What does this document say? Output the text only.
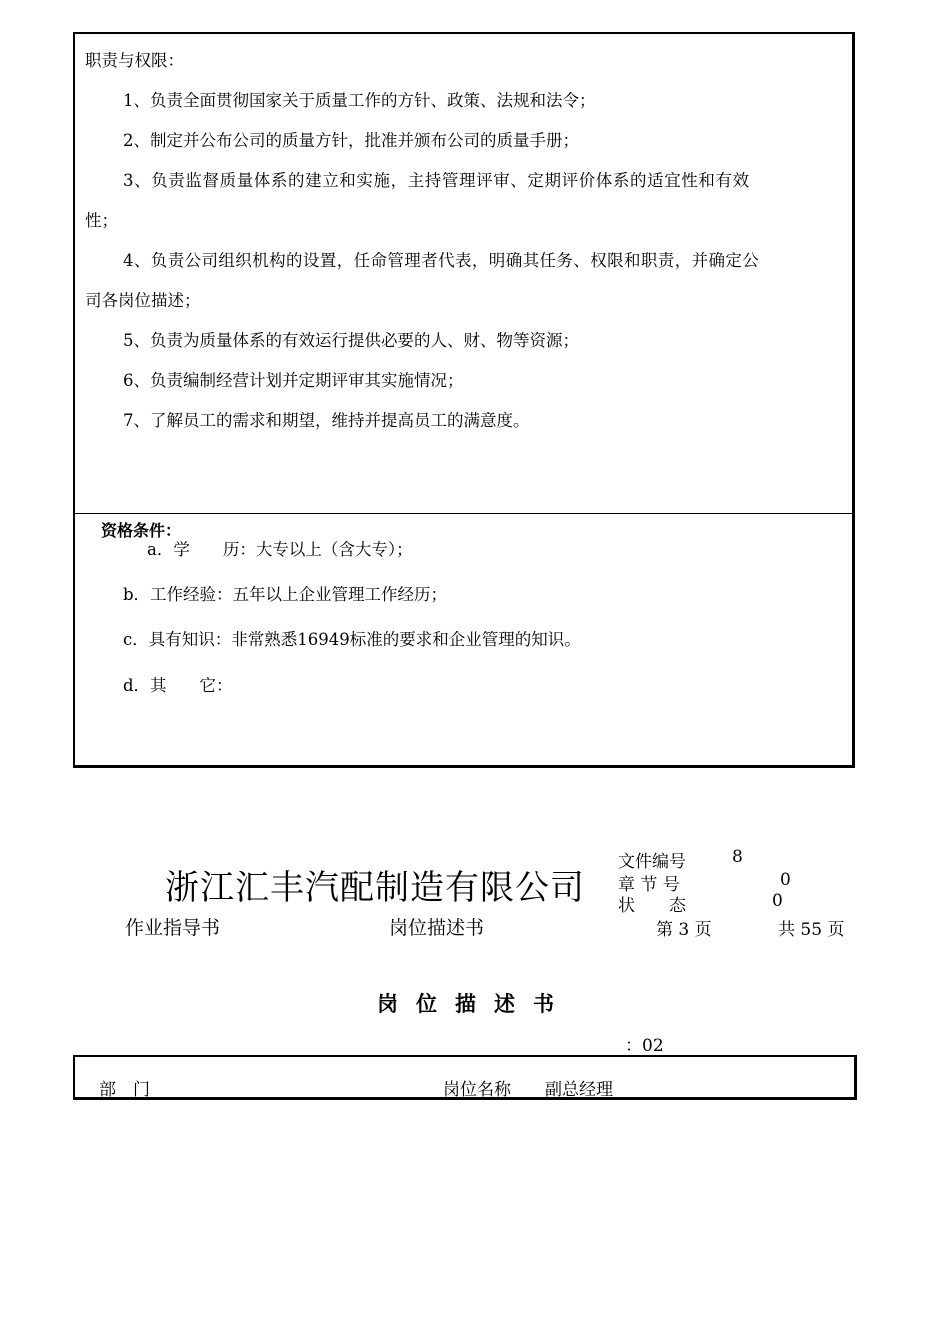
职责与权限：
1、负责全面贯彻国家关于质量工作的方针、政策、法规和法令；
2、制定并公布公司的质量方针，批准并颁布公司的质量手册；
3、负责监督质量体系的建立和实施，主持管理评审、定期评价体系的适宜性和有效
性；
4、负责公司组织机构的设置，任命管理者代表，明确其任务、权限和职责，并确定公
司各岗位描述；
5、负责为质量体系的有效运行提供必要的人、财、物等资源；
6、负责编制经营计划并定期评审其实施情况；
7、了解员工的需求和期望，维持并提高员工的满意度。
资格条件：
a．学　　历：大专以上（含大专）；
b．工作经验：五年以上企业管理工作经历；
c．具有知识：非常熟悉16949标准的要求和企业管理的知识。
d．其　　它：
浙江汇丰汽配制造有限公司
文件编号	8
章 节 号	0
状　　态	0
作业指导书	岗位描述书	第 3 页	共 55 页
岗位描述书
：02
部　门	岗位名称 副总经理
